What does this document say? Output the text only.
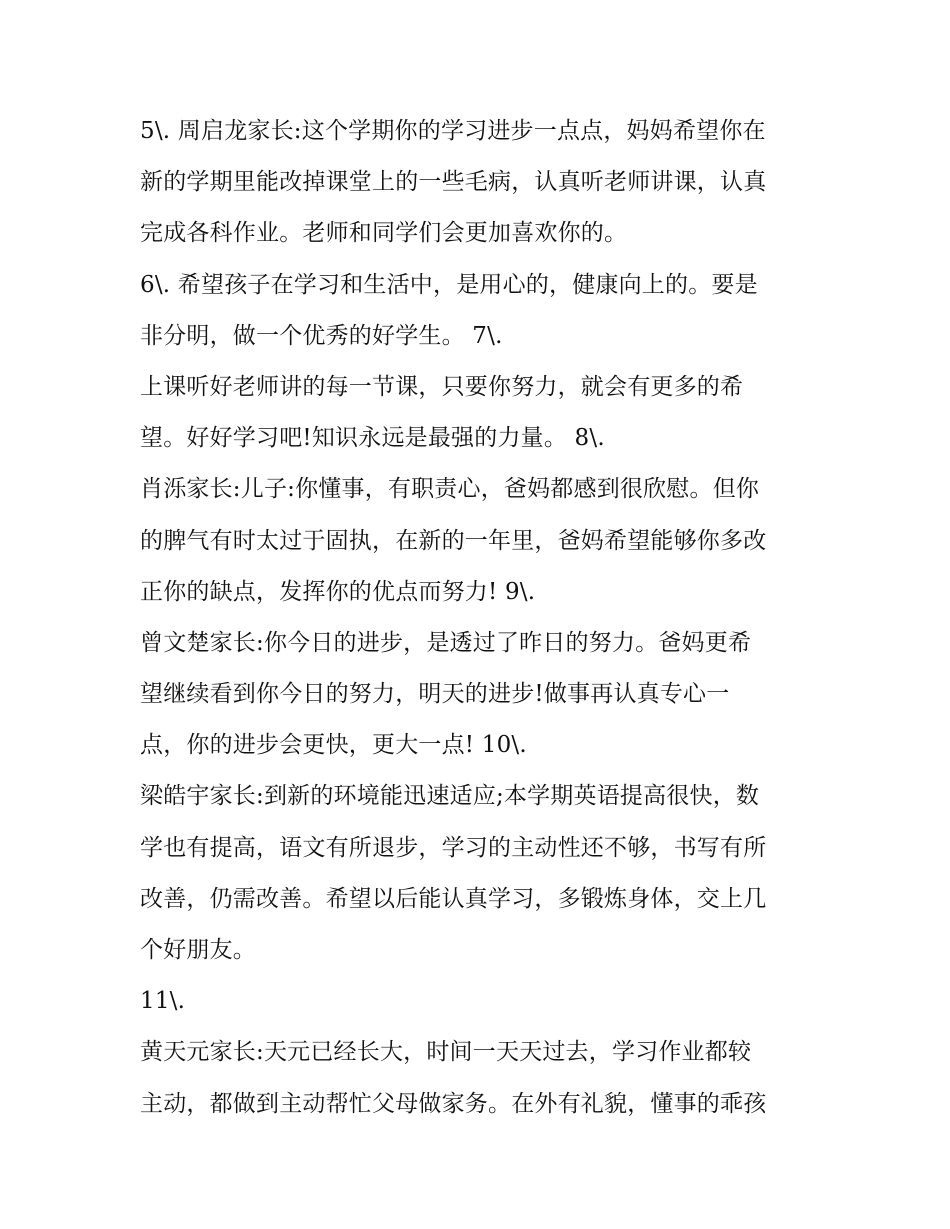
5\. 周启龙家长:这个学期你的学习进步一点点，妈妈希望你在
新的学期里能改掉课堂上的一些毛病，认真听老师讲课，认真
完成各科作业。老师和同学们会更加喜欢你的。
6\. 希望孩子在学习和生活中，是用心的，健康向上的。要是
非分明，做一个优秀的好学生。 7\.
上课听好老师讲的每一节课，只要你努力，就会有更多的希
望。好好学习吧!知识永远是最强的力量。 8\.
肖泺家长:儿子:你懂事，有职责心，爸妈都感到很欣慰。但你
的脾气有时太过于固执，在新的一年里，爸妈希望能够你多改
正你的缺点，发挥你的优点而努力! 9\.
曾文楚家长:你今日的进步，是透过了昨日的努力。爸妈更希
望继续看到你今日的努力，明天的进步!做事再认真专心一
点，你的进步会更快，更大一点! 10\.
梁皓宇家长:到新的环境能迅速适应;本学期英语提高很快，数
学也有提高，语文有所退步，学习的主动性还不够，书写有所
改善，仍需改善。希望以后能认真学习，多锻炼身体，交上几
个好朋友。
11\.
黄天元家长:天元已经长大，时间一天天过去，学习作业都较
主动，都做到主动帮忙父母做家务。在外有礼貌，懂事的乖孩
